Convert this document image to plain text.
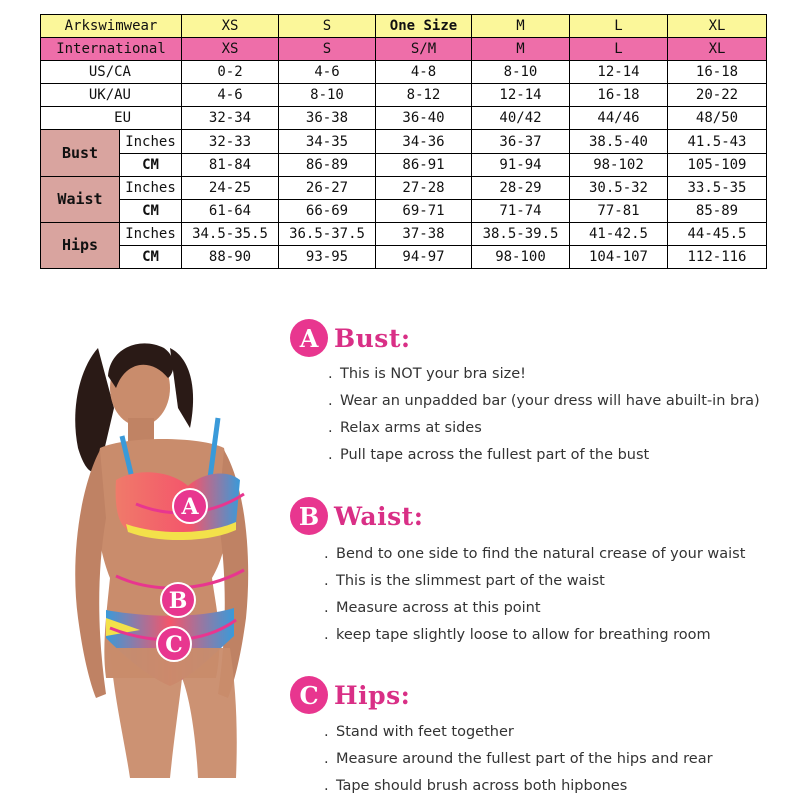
Arkswimwear		XS	S	One Size	M	L	XL
International		XS	S	S/M	M	L	XL
US/CA		0-2	4-6	4-8	8-10	12-14	16-18
UK/AU		4-6	8-10	8-12	12-14	16-18	20-22
EU		32-34	36-38	36-40	40/42	44/46	48/50
Bust	Inches	32-33	34-35	34-36	36-37	38.5-40	41.5-43
	CM	81-84	86-89	86-91	91-94	98-102	105-109
Waist	Inches	24-25	26-27	27-28	28-29	30.5-32	33.5-35
	CM	61-64	66-69	69-71	71-74	77-81	85-89
Hips	Inches	34.5-35.5	36.5-37.5	37-38	38.5-39.5	41-42.5	44-45.5
	CM	88-90	93-95	94-97	98-100	104-107	112-116
A
B
C
A Bust:
. This is NOT your bra size!
. Wear an unpadded bar (your dress will have abuilt-in bra)
. Relax arms at sides
. Pull tape across the fullest part of the bust
B Waist:
. Bend to one side to find the natural crease of your waist
. This is the slimmest part of the waist
. Measure across at this point
. keep tape slightly loose to allow for breathing room
C Hips:
. Stand with feet together
. Measure around the fullest part of the hips and rear
. Tape should brush across both hipbones
